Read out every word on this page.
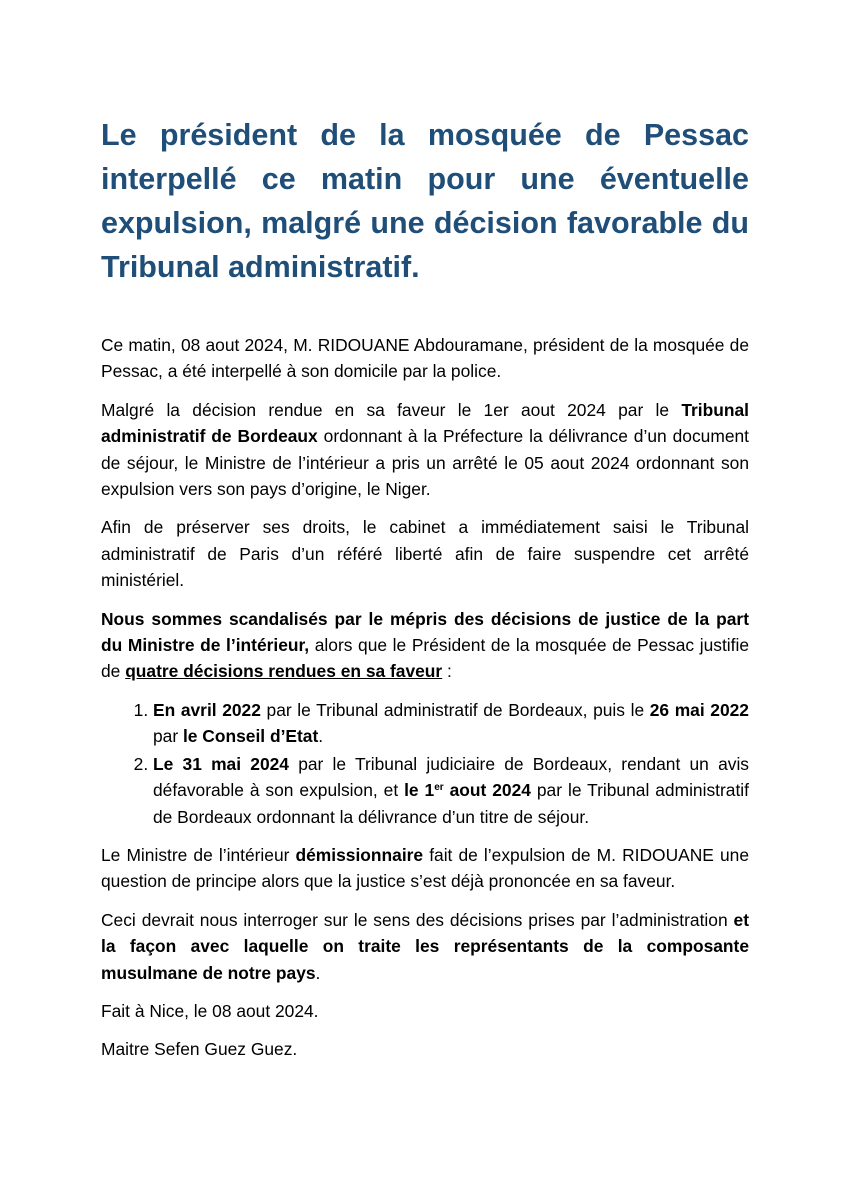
Le président de la mosquée de Pessac interpellé ce matin pour une éventuelle expulsion, malgré une décision favorable du Tribunal administratif.

Ce matin, 08 aout 2024, M. RIDOUANE Abdouramane, président de la mosquée de Pessac, a été interpellé à son domicile par la police.

Malgré la décision rendue en sa faveur le 1er aout 2024 par le Tribunal administratif de Bordeaux ordonnant à la Préfecture la délivrance d’un document de séjour, le Ministre de l’intérieur a pris un arrêté le 05 aout 2024 ordonnant son expulsion vers son pays d’origine, le Niger.

Afin de préserver ses droits, le cabinet a immédiatement saisi le Tribunal administratif de Paris d’un référé liberté afin de faire suspendre cet arrêté ministériel.

Nous sommes scandalisés par le mépris des décisions de justice de la part du Ministre de l’intérieur, alors que le Président de la mosquée de Pessac justifie de quatre décisions rendues en sa faveur :

1. En avril 2022 par le Tribunal administratif de Bordeaux, puis le 26 mai 2022 par le Conseil d’Etat.
2. Le 31 mai 2024 par le Tribunal judiciaire de Bordeaux, rendant un avis défavorable à son expulsion, et le 1er aout 2024 par le Tribunal administratif de Bordeaux ordonnant la délivrance d’un titre de séjour.

Le Ministre de l’intérieur démissionnaire fait de l’expulsion de M. RIDOUANE une question de principe alors que la justice s’est déjà prononcée en sa faveur.

Ceci devrait nous interroger sur le sens des décisions prises par l’administration et la façon avec laquelle on traite les représentants de la composante musulmane de notre pays.

Fait à Nice, le 08 aout 2024.

Maitre Sefen Guez Guez.
